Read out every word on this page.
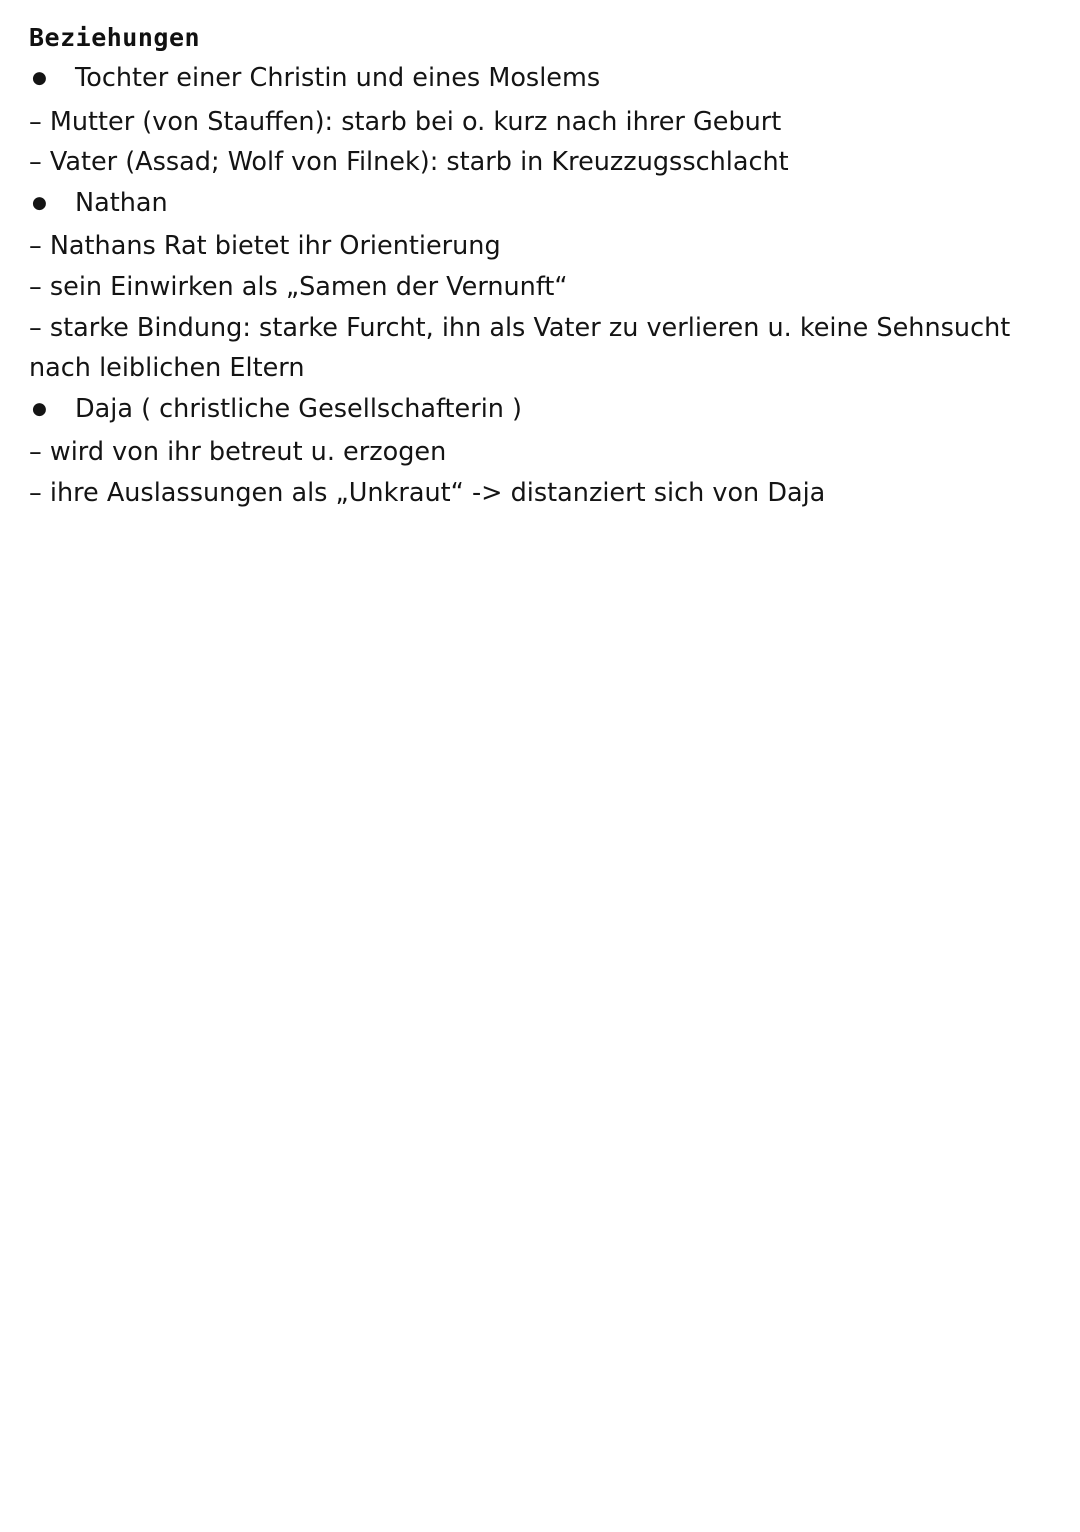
Beziehungen
●
Tochter einer Christin und eines Moslems
– Mutter (von Stauffen): starb bei o. kurz nach ihrer Geburt
– Vater (Assad; Wolf von Filnek): starb in Kreuzzugsschlacht
●
Nathan
– Nathans Rat bietet ihr Orientierung
– sein Einwirken als „Samen der Vernunft“
– starke Bindung: starke Furcht, ihn als Vater zu verlieren u. keine Sehnsucht nach leiblichen Eltern
●
Daja ( christliche Gesellschafterin )
– wird von ihr betreut u. erzogen
– ihre Auslassungen als „Unkraut“ -> distanziert sich von Daja
